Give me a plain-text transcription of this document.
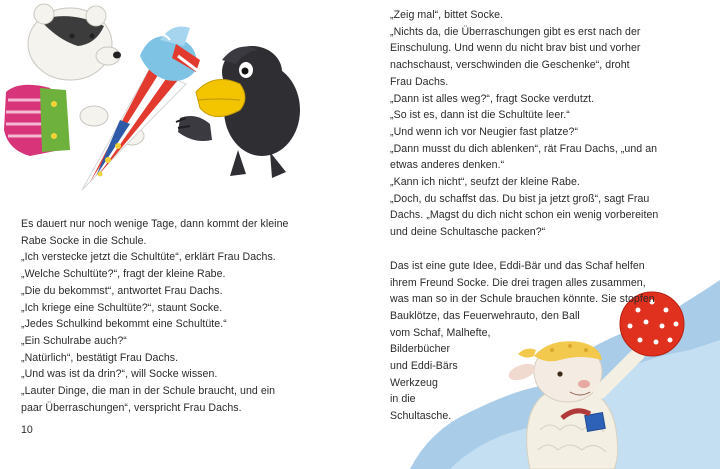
Es dauert nur noch wenige Tage, dann kommt der kleine
Rabe Socke in die Schule.
„Ich verstecke jetzt die Schultüte“, erklärt Frau Dachs.
„Welche Schultüte?“, fragt der kleine Rabe.
„Die du bekommst“, antwortet Frau Dachs.
„Ich kriege eine Schultüte?“, staunt Socke.
„Jedes Schulkind bekommt eine Schultüte.“
„Ein Schulrabe auch?“
„Natürlich“, bestätigt Frau Dachs.
„Und was ist da drin?“, will Socke wissen.
„Lauter Dinge, die man in der Schule braucht, und ein
paar Überraschungen“, verspricht Frau Dachs.
10
„Zeig mal“, bittet Socke.
„Nichts da, die Überraschungen gibt es erst nach der
Einschulung. Und wenn du nicht brav bist und vorher
nachschaust, verschwinden die Geschenke“, droht
Frau Dachs.
„Dann ist alles weg?“, fragt Socke verdutzt.
„So ist es, dann ist die Schultüte leer.“
„Und wenn ich vor Neugier fast platze?“
„Dann musst du dich ablenken“, rät Frau Dachs, „und an
etwas anderes denken.“
„Kann ich nicht“, seufzt der kleine Rabe.
„Doch, du schaffst das. Du bist ja jetzt groß“, sagt Frau
Dachs. „Magst du dich nicht schon ein wenig vorbereiten
und deine Schultasche packen?“
Das ist eine gute Idee, Eddi-Bär und das Schaf helfen
ihrem Freund Socke. Die drei tragen alles zusammen,
was man so in der Schule brauchen könnte. Sie stopfen
Bauklötze, das Feuerwehrauto, den Ball
vom Schaf, Malhefte,
Bilderbücher
und Eddi-Bärs
Werkzeug
in die
Schultasche.
